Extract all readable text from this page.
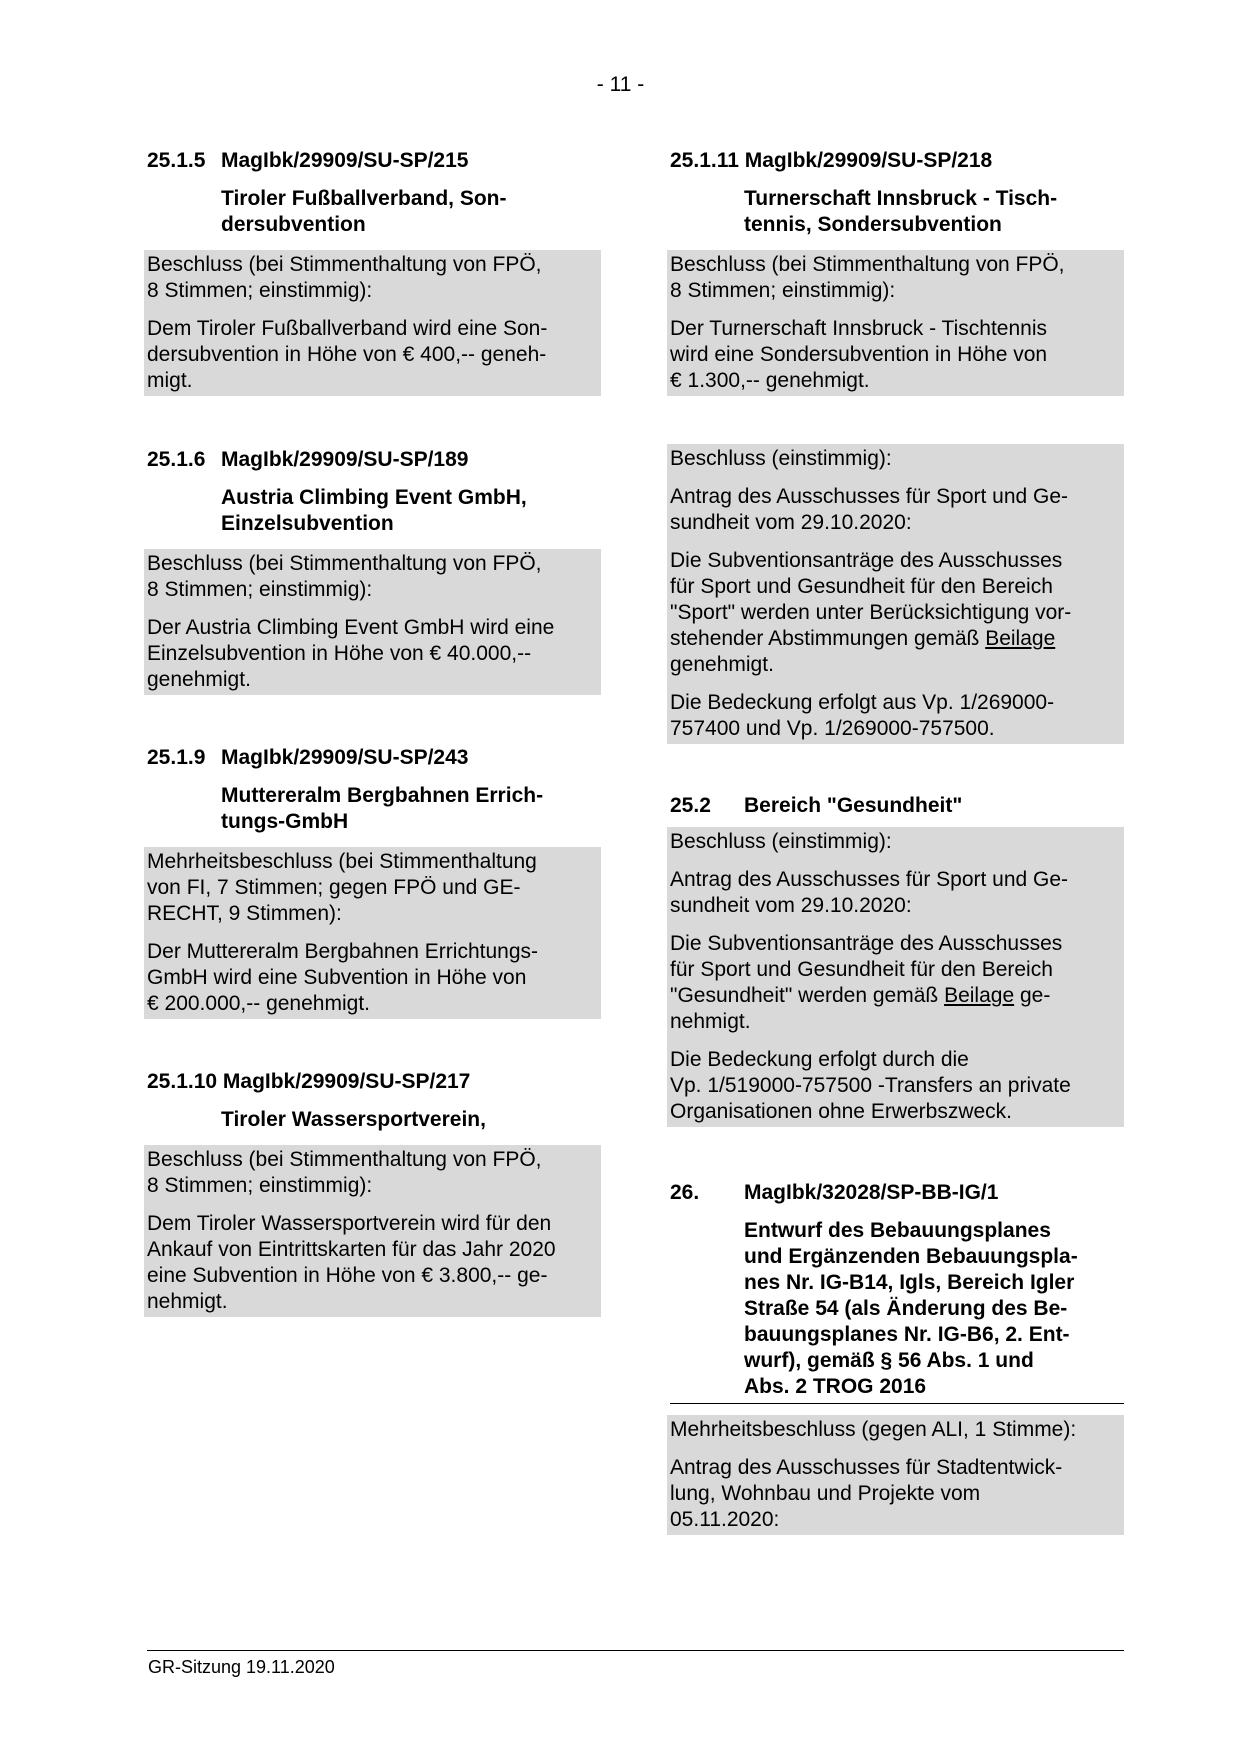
- 11 -
25.1.5 MagIbk/29909/SU-SP/215
Tiroler Fußballverband, Son-
dersubvention

Beschluss (bei Stimmenthaltung von FPÖ,
8 Stimmen; einstimmig):

Dem Tiroler Fußballverband wird eine Son-
dersubvention in Höhe von € 400,-- geneh-
migt.

25.1.6 MagIbk/29909/SU-SP/189
Austria Climbing Event GmbH,
Einzelsubvention

Beschluss (bei Stimmenthaltung von FPÖ,
8 Stimmen; einstimmig):

Der Austria Climbing Event GmbH wird eine
Einzelsubvention in Höhe von € 40.000,--
genehmigt.

25.1.9 MagIbk/29909/SU-SP/243
Muttereralm Bergbahnen Errich-
tungs-GmbH

Mehrheitsbeschluss (bei Stimmenthaltung
von FI, 7 Stimmen; gegen FPÖ und GE-
RECHT, 9 Stimmen):

Der Muttereralm Bergbahnen Errichtungs-
GmbH wird eine Subvention in Höhe von
€ 200.000,-- genehmigt.

25.1.10 MagIbk/29909/SU-SP/217
Tiroler Wassersportverein,

Beschluss (bei Stimmenthaltung von FPÖ,
8 Stimmen; einstimmig):

Dem Tiroler Wassersportverein wird für den
Ankauf von Eintrittskarten für das Jahr 2020
eine Subvention in Höhe von € 3.800,-- ge-
nehmigt.

25.1.11 MagIbk/29909/SU-SP/218
Turnerschaft Innsbruck - Tisch-
tennis, Sondersubvention

Beschluss (bei Stimmenthaltung von FPÖ,
8 Stimmen; einstimmig):

Der Turnerschaft Innsbruck - Tischtennis
wird eine Sondersubvention in Höhe von
€ 1.300,-- genehmigt.

Beschluss (einstimmig):

Antrag des Ausschusses für Sport und Ge-
sundheit vom 29.10.2020:

Die Subventionsanträge des Ausschusses
für Sport und Gesundheit für den Bereich
"Sport" werden unter Berücksichtigung vor-
stehender Abstimmungen gemäß Beilage
genehmigt.

Die Bedeckung erfolgt aus Vp. 1/269000-
757400 und Vp. 1/269000-757500.

25.2	Bereich "Gesundheit"

Beschluss (einstimmig):

Antrag des Ausschusses für Sport und Ge-
sundheit vom 29.10.2020:

Die Subventionsanträge des Ausschusses
für Sport und Gesundheit für den Bereich
"Gesundheit" werden gemäß Beilage ge-
nehmigt.

Die Bedeckung erfolgt durch die
Vp. 1/519000-757500 -Transfers an private
Organisationen ohne Erwerbszweck.

26.	MagIbk/32028/SP-BB-IG/1
Entwurf des Bebauungsplanes
und Ergänzenden Bebauungspla-
nes Nr. IG-B14, Igls, Bereich Igler
Straße 54 (als Änderung des Be-
bauungsplanes Nr. IG-B6, 2. Ent-
wurf), gemäß § 56 Abs. 1 und
Abs. 2 TROG 2016

Mehrheitsbeschluss (gegen ALI, 1 Stimme):

Antrag des Ausschusses für Stadtentwick-
lung, Wohnbau und Projekte vom
05.11.2020:

GR-Sitzung 19.11.2020
